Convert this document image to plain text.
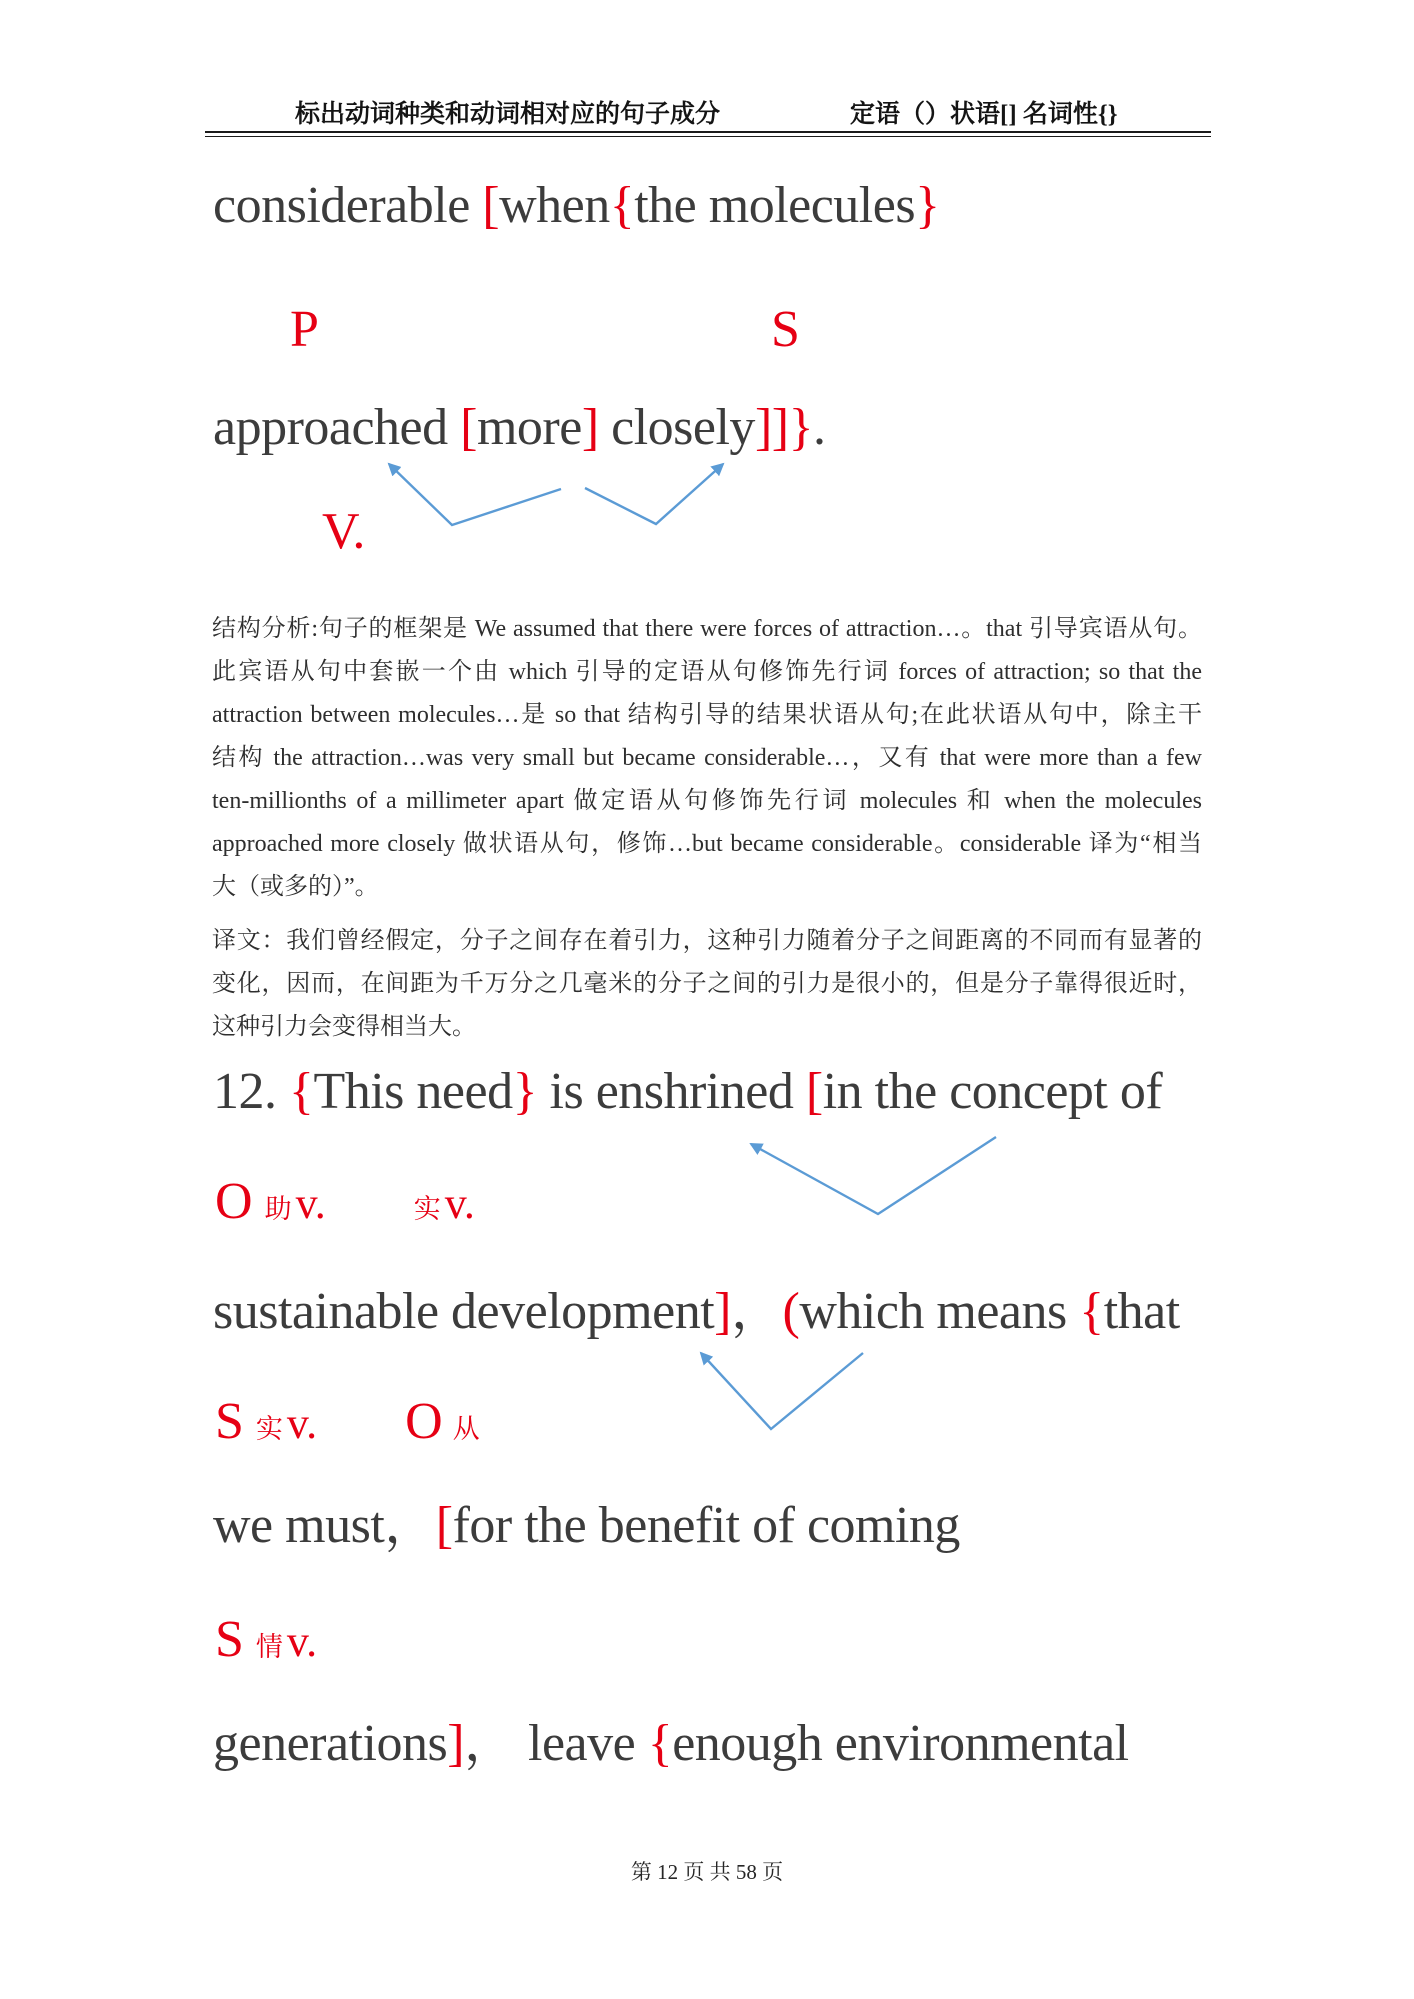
标出动词种类和动词相对应的句子成分	定语（）状语[] 名词性{}
considerable [when{the molecules}
P	S
approached [more] closely]]}.
V.
结构分析:句子的框架是 We assumed that there were forces of attraction…。that 引导宾语从句。
此宾语从句中套嵌一个由 which 引导的定语从句修饰先行词 forces of attraction; so that the
attraction between molecules…是 so that 结构引导的结果状语从句;在此状语从句中，除主干
结构 the attraction…was very small but became considerable…，又有 that were more than a few
ten-millionths of a millimeter apart 做定语从句修饰先行词 molecules 和 when the molecules
approached more closely 做状语从句，修饰…but became considerable。considerable 译为“相当
大（或多的）”。
译文：我们曾经假定，分子之间存在着引力，这种引力随着分子之间距离的不同而有显著的
变化，因而，在间距为千万分之几毫米的分子之间的引力是很小的，但是分子靠得很近时，
这种引力会变得相当大。
12. {This need} is enshrined [in the concept of
O 助 v.	实 v.
sustainable development]，(which means {that
S 实 v. O 从
we must，[for the benefit of coming
S 情 v.
generations]， leave {enough environmental
第 12 页 共 58 页
